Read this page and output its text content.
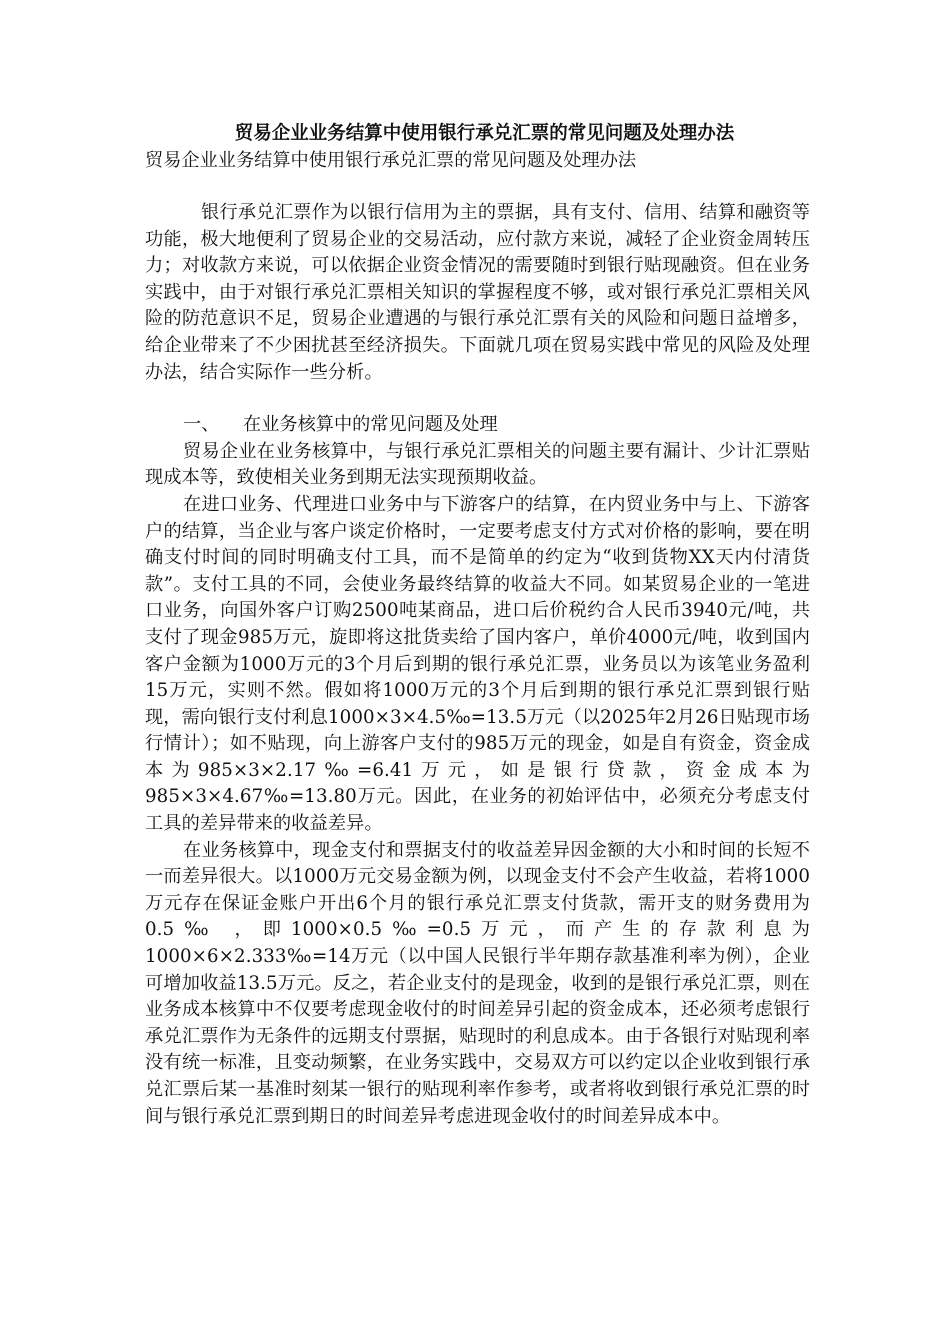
贸易企业业务结算中使用银行承兑汇票的常见问题及处理办法

贸易企业业务结算中使用银行承兑汇票的常见问题及处理办法

银行承兑汇票作为以银行信用为主的票据，具有支付、信用、结算和融资等功能，极大地便利了贸易企业的交易活动，应付款方来说，减轻了企业资金周转压力；对收款方来说，可以依据企业资金情况的需要随时到银行贴现融资。但在业务实践中，由于对银行承兑汇票相关知识的掌握程度不够，或对银行承兑汇票相关风险的防范意识不足，贸易企业遭遇的与银行承兑汇票有关的风险和问题日益增多，给企业带来了不少困扰甚至经济损失。下面就几项在贸易实践中常见的风险及处理办法，结合实际作一些分析。

一、 在业务核算中的常见问题及处理

贸易企业在业务核算中，与银行承兑汇票相关的问题主要有漏计、少计汇票贴现成本等，致使相关业务到期无法实现预期收益。

在进口业务、代理进口业务中与下游客户的结算，在内贸业务中与上、下游客户的结算，当企业与客户谈定价格时，一定要考虑支付方式对价格的影响，要在明确支付时间的同时明确支付工具，而不是简单的约定为“收到货物XX天内付清货款”。支付工具的不同，会使业务最终结算的收益大不同。如某贸易企业的一笔进口业务，向国外客户订购2500吨某商品，进口后价税约合人民币3940元/吨，共支付了现金985万元，旋即将这批货卖给了国内客户，单价4000元/吨，收到国内客户金额为1000万元的3个月后到期的银行承兑汇票，业务员以为该笔业务盈利15万元，实则不然。假如将1000万元的3个月后到期的银行承兑汇票到银行贴现，需向银行支付利息1000×3×4.5‰=13.5万元（以2025年2月26日贴现市场行情计）；如不贴现，向上游客户支付的985万元的现金，如是自有资金，资金成本为985×3×2.17‰=6.41万元，如是银行贷款，资金成本为985×3×4.67‰=13.80万元。因此，在业务的初始评估中，必须充分考虑支付工具的差异带来的收益差异。

在业务核算中，现金支付和票据支付的收益差异因金额的大小和时间的长短不一而差异很大。以1000万元交易金额为例，以现金支付不会产生收益，若将1000万元存在保证金账户开出6个月的银行承兑汇票支付货款，需开支的财务费用为0.5‰ ，即1000×0.5‰=0.5万元，而产生的存款利息为1000×6×2.333‰=14万元（以中国人民银行半年期存款基准利率为例），企业可增加收益13.5万元。反之，若企业支付的是现金，收到的是银行承兑汇票，则在业务成本核算中不仅要考虑现金收付的时间差异引起的资金成本，还必须考虑银行承兑汇票作为无条件的远期支付票据，贴现时的利息成本。由于各银行对贴现利率没有统一标准，且变动频繁，在业务实践中，交易双方可以约定以企业收到银行承兑汇票后某一基准时刻某一银行的贴现利率作参考，或者将收到银行承兑汇票的时间与银行承兑汇票到期日的时间差异考虑进现金收付的时间差异成本中。
